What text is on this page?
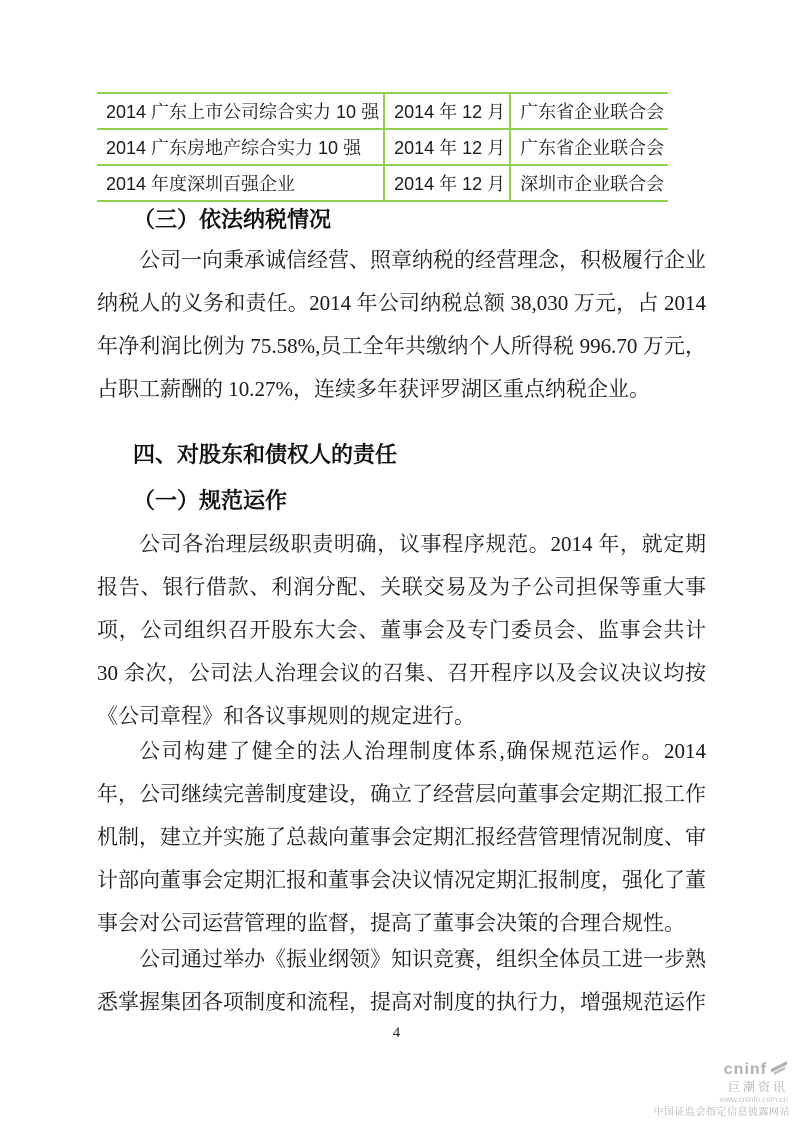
2014 广东上市公司综合实力 10 强	2014 年 12 月	广东省企业联合会
2014 广东房地产综合实力 10 强	2014 年 12 月	广东省企业联合会
2014 年度深圳百强企业	2014 年 12 月	深圳市企业联合会
（三）依法纳税情况

公司一向秉承诚信经营、照章纳税的经营理念，积极履行企业纳税人的义务和责任。2014 年公司纳税总额 38,030 万元，占 2014 年净利润比例为 75.58%,员工全年共缴纳个人所得税 996.70 万元，占职工薪酬的 10.27%，连续多年获评罗湖区重点纳税企业。

四、对股东和债权人的责任
（一）规范运作

公司各治理层级职责明确，议事程序规范。2014 年，就定期报告、银行借款、利润分配、关联交易及为子公司担保等重大事项，公司组织召开股东大会、董事会及专门委员会、监事会共计 30 余次，公司法人治理会议的召集、召开程序以及会议决议均按《公司章程》和各议事规则的规定进行。

公司构建了健全的法人治理制度体系,确保规范运作。2014 年，公司继续完善制度建设，确立了经营层向董事会定期汇报工作机制，建立并实施了总裁向董事会定期汇报经营管理情况制度、审计部向董事会定期汇报和董事会决议情况定期汇报制度，强化了董事会对公司运营管理的监督，提高了董事会决策的合理合规性。

公司通过举办《振业纲领》知识竞赛，组织全体员工进一步熟悉掌握集团各项制度和流程，提高对制度的执行力，增强规范运作

4
cninf
巨潮资讯
www.cninfo.com.cn
中国证监会指定信息披露网站
